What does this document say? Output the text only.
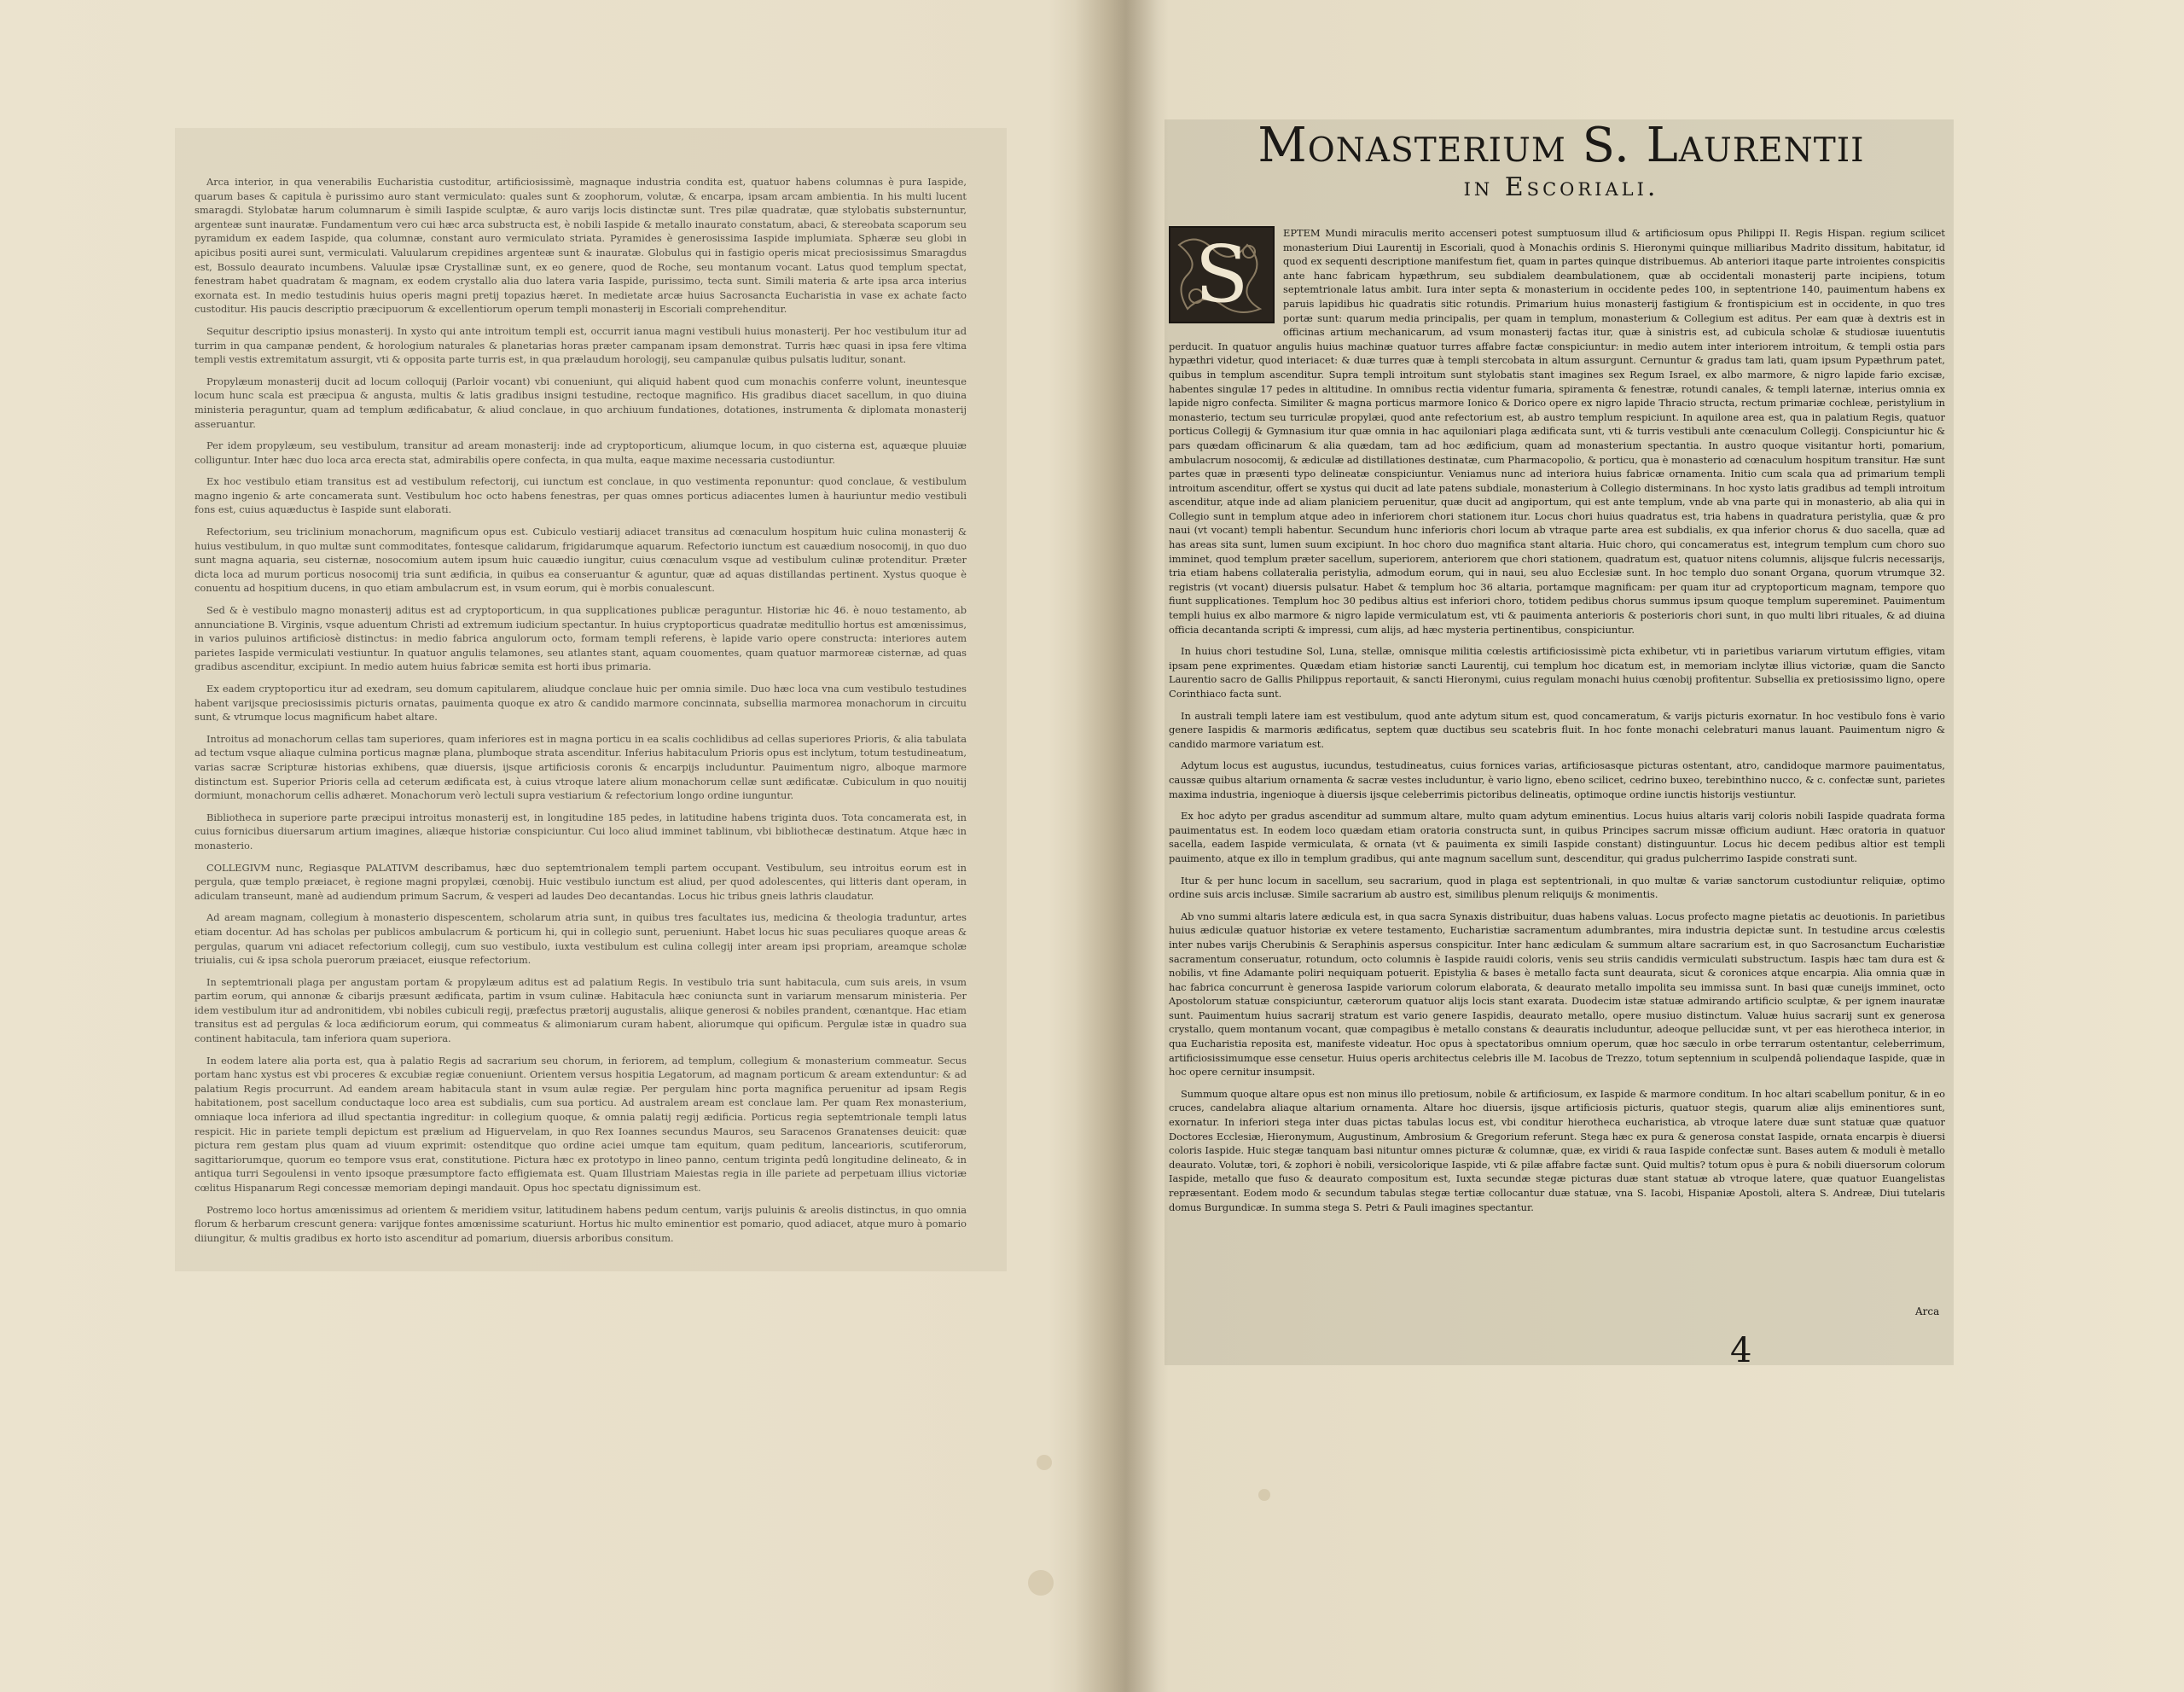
Arca interior, in qua venerabilis Eucharistia custoditur, artificiosissimè, magnaque industria condita est, quatuor habens columnas è pura Iaspide, quarum bases & capitula è purissimo auro stant vermiculato: quales sunt & zoophorum, volutæ, & encarpa, ipsam arcam ambientia. In his multi lucent smaragdi. Stylobatæ harum columnarum è simili Iaspide sculptæ, & auro varijs locis distinctæ sunt. Tres pilæ quadratæ, quæ stylobatis substernuntur, argenteæ sunt inauratæ. Fundamentum vero cui hæc arca substructa est, è nobili Iaspide & metallo inaurato constatum, abaci, & stereobata scaporum seu pyramidum ex eadem Iaspide, qua columnæ, constant auro vermiculato striata. Pyramides è generosissima Iaspide implumiata. Sphæræ seu globi in apicibus positi aurei sunt, vermiculati. Valuularum crepidines argenteæ sunt & inauratæ. Globulus qui in fastigio operis micat preciosissimus Smaragdus est, Bossulo deaurato incumbens. Valuulæ ipsæ Crystallinæ sunt, ex eo genere, quod de Roche, seu montanum vocant. Latus quod templum spectat, fenestram habet quadratam & magnam, ex eodem crystallo alia duo latera varia Iaspide, purissimo, tecta sunt. Simili materia & arte ipsa arca interius exornata est. In medio testudinis huius operis magni pretij topazius hæret. In medietate arcæ huius Sacrosancta Eucharistia in vase ex achate facto custoditur. His paucis descriptio præcipuorum & excellentiorum operum templi monasterij in Escoriali comprehenditur.

Sequitur descriptio ipsius monasterij. In xysto qui ante introitum templi est, occurrit ianua magni vestibuli huius monasterij. Per hoc vestibulum itur ad turrim in qua campanæ pendent, & horologium naturales & planetarias horas præter campanam ipsam demonstrat. Turris hæc quasi in ipsa fere vltima templi vestis extremitatum assurgit, vti & opposita parte turris est, in qua prælaudum horologij, seu campanulæ quibus pulsatis luditur, sonant.

Propylæum monasterij ducit ad locum colloquij (Parloir vocant) vbi conueniunt, qui aliquid habent quod cum monachis conferre volunt, ineuntesque locum hunc scala est præcipua & angusta, multis & latis gradibus insigni testudine, rectoque magnifico. His gradibus diacet sacellum, in quo diuina ministeria peraguntur, quam ad templum ædificabatur, & aliud conclaue, in quo archiuum fundationes, dotationes, instrumenta & diplomata monasterij asseruantur.

Per idem propylæum, seu vestibulum, transitur ad aream monasterij: inde ad cryptoporticum, aliumque locum, in quo cisterna est, aquæque pluuiæ colliguntur. Inter hæc duo loca arca erecta stat, admirabilis opere confecta, in qua multa, eaque maxime necessaria custodiuntur.

Ex hoc vestibulo etiam transitus est ad vestibulum refectorij, cui iunctum est conclaue, in quo vestimenta reponuntur: quod conclaue, & vestibulum magno ingenio & arte concamerata sunt. Vestibulum hoc octo habens fenestras, per quas omnes porticus adiacentes lumen à hauriuntur medio vestibuli fons est, cuius aquæductus è Iaspide sunt elaborati.

Refectorium, seu triclinium monachorum, magnificum opus est. Cubiculo vestiarij adiacet transitus ad cœnaculum hospitum huic culina monasterij & huius vestibulum, in quo multæ sunt commoditates, fontesque calidarum, frigidarumque aquarum. Refectorio iunctum est cauædium nosocomij, in quo duo sunt magna aquaria, seu cisternæ, nosocomium autem ipsum huic cauædio iungitur, cuius cœnaculum vsque ad vestibulum culinæ protenditur. Præter dicta loca ad murum porticus nosocomij tria sunt ædificia, in quibus ea conseruantur & aguntur, quæ ad aquas distillandas pertinent. Xystus quoque è conuentu ad hospitium ducens, in quo etiam ambulacrum est, in vsum eorum, qui è morbis conualescunt.

Sed & è vestibulo magno monasterij aditus est ad cryptoporticum, in qua supplicationes publicæ peraguntur. Historiæ hic 46. è nouo testamento, ab annunciatione B. Virginis, vsque aduentum Christi ad extremum iudicium spectantur. In huius cryptoporticus quadratæ meditullio hortus est amœnissimus, in varios puluinos artificiosè distinctus: in medio fabrica angulorum octo, formam templi referens, è lapide vario opere constructa: interiores autem parietes Iaspide vermiculati vestiuntur. In quatuor angulis telamones, seu atlantes stant, aquam couomentes, quam quatuor marmoreæ cisternæ, ad quas gradibus ascenditur, excipiunt. In medio autem huius fabricæ semita est horti ibus primaria.

Ex eadem cryptoporticu itur ad exedram, seu domum capitularem, aliudque conclaue huic per omnia simile. Duo hæc loca vna cum vestibulo testudines habent varijsque preciosissimis picturis ornatas, pauimenta quoque ex atro & candido marmore concinnata, subsellia marmorea monachorum in circuitu sunt, & vtrumque locus magnificum habet altare.

Introitus ad monachorum cellas tam superiores, quam inferiores est in magna porticu in ea scalis cochlidibus ad cellas superiores Prioris, & alia tabulata ad tectum vsque aliaque culmina porticus magnæ plana, plumboque strata ascenditur. Inferius habitaculum Prioris opus est inclytum, totum testudineatum, varias sacræ Scripturæ historias exhibens, quæ diuersis, ijsque artificiosis coronis & encarpijs includuntur. Pauimentum nigro, alboque marmore distinctum est. Superior Prioris cella ad ceterum ædificata est, à cuius vtroque latere alium monachorum cellæ sunt ædificatæ. Cubiculum in quo nouitij dormiunt, monachorum cellis adhæret. Monachorum verò lectuli supra vestiarium & refectorium longo ordine iunguntur.

Bibliotheca in superiore parte præcipui introitus monasterij est, in longitudine 185 pedes, in latitudine habens triginta duos. Tota concamerata est, in cuius fornicibus diuersarum artium imagines, aliæque historiæ conspiciuntur. Cui loco aliud imminet tablinum, vbi bibliothecæ destinatum. Atque hæc in monasterio.

COLLEGIVM nunc, Regiasque PALATIVM describamus, hæc duo septemtrionalem templi partem occupant. Vestibulum, seu introitus eorum est in pergula, quæ templo præiacet, è regione magni propylæi, cœnobij. Huic vestibulo iunctum est aliud, per quod adolescentes, qui litteris dant operam, in adiculam transeunt, manè ad audiendum primum Sacrum, & vesperi ad laudes Deo decantandas. Locus hic tribus gneis lathris claudatur.

Ad aream magnam, collegium à monasterio dispescentem, scholarum atria sunt, in quibus tres facultates ius, medicina & theologia traduntur, artes etiam docentur. Ad has scholas per publicos ambulacrum & porticum hi, qui in collegio sunt, perueniunt. Habet locus hic suas peculiares quoque areas & pergulas, quarum vni adiacet refectorium collegij, cum suo vestibulo, iuxta vestibulum est culina collegij inter aream ipsi propriam, areamque scholæ triuialis, cui & ipsa schola puerorum præiacet, eiusque refectorium.

In septemtrionali plaga per angustam portam & propylæum aditus est ad palatium Regis. In vestibulo tria sunt habitacula, cum suis areis, in vsum partim eorum, qui annonæ & cibarijs præsunt ædificata, partim in vsum culinæ. Habitacula hæc coniuncta sunt in variarum mensarum ministeria. Per idem vestibulum itur ad andronitidem, vbi nobiles cubiculi regij, præfectus prætorij augustalis, aliique generosi & nobiles prandent, cœnantque. Hac etiam transitus est ad pergulas & loca ædificiorum eorum, qui commeatus & alimoniarum curam habent, aliorumque qui opificum. Pergulæ istæ in quadro sua continent habitacula, tam inferiora quam superiora.

In eodem latere alia porta est, qua à palatio Regis ad sacrarium seu chorum, in feriorem, ad templum, collegium & monasterium commeatur. Secus portam hanc xystus est vbi proceres & excubiæ regiæ conueniunt. Orientem versus hospitia Legatorum, ad magnam porticum & aream extenduntur: & ad palatium Regis procurrunt. Ad eandem aream habitacula stant in vsum aulæ regiæ. Per pergulam hinc porta magnifica peruenitur ad ipsam Regis habitationem, post sacellum conductaque loco area est subdialis, cum sua porticu. Ad australem aream est conclaue lam. Per quam Rex monasterium, omniaque loca inferiora ad illud spectantia ingreditur: in collegium quoque, & omnia palatij regij ædificia. Porticus regia septemtrionale templi latus respicit. Hic in pariete templi depictum est prælium ad Higuervelam, in quo Rex Ioannes secundus Mauros, seu Saracenos Granatenses deuicit: quæ pictura rem gestam plus quam ad viuum exprimit: ostenditque quo ordine aciei umque tam equitum, quam peditum, lancearioris, scutiferorum, sagittariorumque, quorum eo tempore vsus erat, constitutione. Pictura hæc ex prototypo in lineo panno, centum triginta pedû longitudine delineato, & in antiqua turri Segoulensi in vento ipsoque præsumptore facto effigiemata est. Quam Illustriam Maiestas regia in ille pariete ad perpetuam illius victoriæ cœlitus Hispanarum Regi concessæ memoriam depingi mandauit. Opus hoc spectatu dignissimum est.

Postremo loco hortus amœnissimus ad orientem & meridiem vsitur, latitudinem habens pedum centum, varijs puluinis & areolis distinctus, in quo omnia florum & herbarum crescunt genera: varijque fontes amœnissime scaturiunt. Hortus hic multo eminentior est pomario, quod adiacet, atque muro à pomario diiungitur, & multis gradibus ex horto isto ascenditur ad pomarium, diuersis arboribus consitum.

Monasterium S. Laurentii
in Escoriali.

S	EPTEM Mundi miraculis merito accenseri potest sumptuosum illud & artificiosum opus Philippi II. Regis Hispan. regium scilicet monasterium Diui Laurentij in Escoriali, quod à Monachis ordinis S. Hieronymi quinque milliaribus Madrito dissitum, habitatur, id quod ex sequenti descriptione manifestum fiet, quam in partes quinque distribuemus. Ab anteriori itaque parte introientes conspicitis ante hanc fabricam hypæthrum, seu subdialem deambulationem, quæ ab occidentali monasterij parte incipiens, totum septemtrionale latus ambit. Iura inter septa & monasterium in occidente pedes 100, in septentrione 140, pauimentum habens ex paruis lapidibus hic quadratis sitic rotundis. Primarium huius monasterij fastigium & frontispicium est in occidente, in quo tres portæ sunt: quarum media principalis, per quam in templum, monasterium & Collegium est aditus. Per eam quæ à dextris est in officinas artium mechanicarum, ad vsum monasterij factas itur, quæ à sinistris est, ad cubicula scholæ & studiosæ iuuentutis perducit. In quatuor angulis huius machinæ quatuor turres affabre factæ conspiciuntur: in medio autem inter interiorem introitum, & templi ostia pars hypæthri videtur, quod interiacet: & duæ turres quæ à templi stercobata in altum assurgunt. Cernuntur & gradus tam lati, quam ipsum Pypæthrum patet, quibus in templum ascenditur. Supra templi introitum sunt stylobatis stant imagines sex Regum Israel, ex albo marmore, & nigro lapide fario excisæ, habentes singulæ 17 pedes in altitudine. In omnibus rectia videntur fumaria, spiramenta & fenestræ, rotundi canales, & templi laternæ, interius omnia ex lapide nigro confecta. Similiter & magna porticus marmore Ionico & Dorico opere ex nigro lapide Thracio structa, rectum primariæ cochleæ, peristylium in monasterio, tectum seu turriculæ propylæi, quod ante refectorium est, ab austro templum respiciunt. In aquilone area est, qua in palatium Regis, quatuor porticus Collegij & Gymnasium itur quæ omnia in hac aquiloniari plaga ædificata sunt, vti & turris vestibuli ante cœnaculum Collegij. Conspiciuntur hic & pars quædam officinarum & alia quædam, tam ad hoc ædificium, quam ad monasterium spectantia. In austro quoque visitantur horti, pomarium, ambulacrum nosocomij, & ædiculæ ad distillationes destinatæ, cum Pharmacopolio, & porticu, qua è monasterio ad cœnaculum hospitum transitur. Hæ sunt partes quæ in præsenti typo delineatæ conspiciuntur. Veniamus nunc ad interiora huius fabricæ ornamenta. Initio cum scala qua ad primarium templi introitum ascenditur, offert se xystus qui ducit ad late patens subdiale, monasterium à Collegio disterminans. In hoc xysto latis gradibus ad templi introitum ascenditur, atque inde ad aliam planiciem peruenitur, quæ ducit ad angiportum, qui est ante templum, vnde ab vna parte qui in monasterio, ab alia qui in Collegio sunt in templum atque adeo in inferiorem chori stationem itur. Locus chori huius quadratus est, tria habens in quadratura peristylia, quæ & pro naui (vt vocant) templi habentur. Secundum hunc inferioris chori locum ab vtraque parte area est subdialis, ex qua inferior chorus & duo sacella, quæ ad has areas sita sunt, lumen suum excipiunt. In hoc choro duo magnifica stant altaria. Huic choro, qui concameratus est, integrum templum cum choro suo imminet, quod templum præter sacellum, superiorem, anteriorem que chori stationem, quadratum est, quatuor nitens columnis, alijsque fulcris necessarijs, tria etiam habens collateralia peristylia, admodum eorum, qui in naui, seu aluo Ecclesiæ sunt. In hoc templo duo sonant Organa, quorum vtrumque 32. registris (vt vocant) diuersis pulsatur. Habet & templum hoc 36 altaria, portamque magnificam: per quam itur ad cryptoporticum magnam, tempore quo fiunt supplicationes. Templum hoc 30 pedibus altius est inferiori choro, totidem pedibus chorus summus ipsum quoque templum supereminet. Pauimentum templi huius ex albo marmore & nigro lapide vermiculatum est, vti & pauimenta anterioris & posterioris chori sunt, in quo multi libri rituales, & ad diuina officia decantanda scripti & impressi, cum alijs, ad hæc mysteria pertinentibus, conspiciuntur.

In huius chori testudine Sol, Luna, stellæ, omnisque militia cœlestis artificiosissimè picta exhibetur, vti in parietibus variarum virtutum effigies, vitam ipsam pene exprimentes. Quædam etiam historiæ sancti Laurentij, cui templum hoc dicatum est, in memoriam inclytæ illius victoriæ, quam die Sancto Laurentio sacro de Gallis Philippus reportauit, & sancti Hieronymi, cuius regulam monachi huius cœnobij profitentur. Subsellia ex pretiosissimo ligno, opere Corinthiaco facta sunt.

In australi templi latere iam est vestibulum, quod ante adytum situm est, quod concameratum, & varijs picturis exornatur. In hoc vestibulo fons è vario genere Iaspidis & marmoris ædificatus, septem quæ ductibus seu scatebris fluit. In hoc fonte monachi celebraturi manus lauant. Pauimentum nigro & candido marmore variatum est.

Adytum locus est augustus, iucundus, testudineatus, cuius fornices varias, artificiosasque picturas ostentant, atro, candidoque marmore pauimentatus, caussæ quibus altarium ornamenta & sacræ vestes includuntur, è vario ligno, ebeno scilicet, cedrino buxeo, terebinthino nucco, & c. confectæ sunt, parietes maxima industria, ingenioque à diuersis ijsque celeberrimis pictoribus delineatis, optimoque ordine iunctis historijs vestiuntur.

Ex hoc adyto per gradus ascenditur ad summum altare, multo quam adytum eminentius. Locus huius altaris varij coloris nobili Iaspide quadrata forma pauimentatus est. In eodem loco quædam etiam oratoria constructa sunt, in quibus Principes sacrum missæ officium audiunt. Hæc oratoria in quatuor sacella, eadem Iaspide vermiculata, & ornata (vt & pauimenta ex simili Iaspide constant) distinguuntur. Locus hic decem pedibus altior est templi pauimento, atque ex illo in templum gradibus, qui ante magnum sacellum sunt, descenditur, qui gradus pulcherrimo Iaspide constrati sunt.

Itur & per hunc locum in sacellum, seu sacrarium, quod in plaga est septentrionali, in quo multæ & variæ sanctorum custodiuntur reliquiæ, optimo ordine suis arcis inclusæ. Simile sacrarium ab austro est, similibus plenum reliquijs & monimentis.

Ab vno summi altaris latere ædicula est, in qua sacra Synaxis distribuitur, duas habens valuas. Locus profecto magne pietatis ac deuotionis. In parietibus huius ædiculæ quatuor historiæ ex vetere testamento, Eucharistiæ sacramentum adumbrantes, mira industria depictæ sunt. In testudine arcus cœlestis inter nubes varijs Cherubinis & Seraphinis aspersus conspicitur. Inter hanc ædiculam & summum altare sacrarium est, in quo Sacrosanctum Eucharistiæ sacramentum conseruatur, rotundum, octo columnis è Iaspide rauidi coloris, venis seu striis candidis vermiculati substructum. Iaspis hæc tam dura est & nobilis, vt fine Adamante poliri nequiquam potuerit. Epistylia & bases è metallo facta sunt deaurata, sicut & coronices atque encarpia. Alia omnia quæ in hac fabrica concurrunt è generosa Iaspide variorum colorum elaborata, & deaurato metallo impolita seu immissa sunt. In basi quæ cuneijs imminet, octo Apostolorum statuæ conspiciuntur, cæterorum quatuor alijs locis stant exarata. Duodecim istæ statuæ admirando artificio sculptæ, & per ignem inauratæ sunt. Pauimentum huius sacrarij stratum est vario genere Iaspidis, deaurato metallo, opere musiuo distinctum. Valuæ huius sacrarij sunt ex generosa crystallo, quem montanum vocant, quæ compagibus è metallo constans & deauratis includuntur, adeoque pellucidæ sunt, vt per eas hierotheca interior, in qua Eucharistia reposita est, manifeste videatur. Hoc opus à spectatoribus omnium operum, quæ hoc sæculo in orbe terrarum ostentantur, celeberrimum, artificiosissimumque esse censetur. Huius operis architectus celebris ille M. Iacobus de Trezzo, totum septennium in sculpendâ poliendaque Iaspide, quæ in hoc opere cernitur insumpsit.

Summum quoque altare opus est non minus illo pretiosum, nobile & artificiosum, ex Iaspide & marmore conditum. In hoc altari scabellum ponitur, & in eo cruces, candelabra aliaque altarium ornamenta. Altare hoc diuersis, ijsque artificiosis picturis, quatuor stegis, quarum aliæ alijs eminentiores sunt, exornatur. In inferiori stega inter duas pictas tabulas locus est, vbi conditur hierotheca eucharistica, ab vtroque latere duæ sunt statuæ quæ quatuor Doctores Ecclesiæ, Hieronymum, Augustinum, Ambrosium & Gregorium referunt. Stega hæc ex pura & generosa constat Iaspide, ornata encarpis è diuersi coloris Iaspide. Huic stegæ tanquam basi nituntur omnes picturæ & columnæ, quæ, ex viridi & raua Iaspide confectæ sunt. Bases autem & moduli è metallo deaurato. Volutæ, tori, & zophori è nobili, versicolorique Iaspide, vti & pilæ affabre factæ sunt. Quid multis? totum opus è pura & nobili diuersorum colorum Iaspide, metallo que fuso & deaurato compositum est, Iuxta secundæ stegæ picturas duæ stant statuæ ab vtroque latere, quæ quatuor Euangelistas repræsentant. Eodem modo & secundum tabulas stegæ tertiæ collocantur duæ statuæ, vna S. Iacobi, Hispaniæ Apostoli, altera S. Andreæ, Diui tutelaris domus Burgundicæ. In summa stega S. Petri & Pauli imagines spectantur.

Arca
4
